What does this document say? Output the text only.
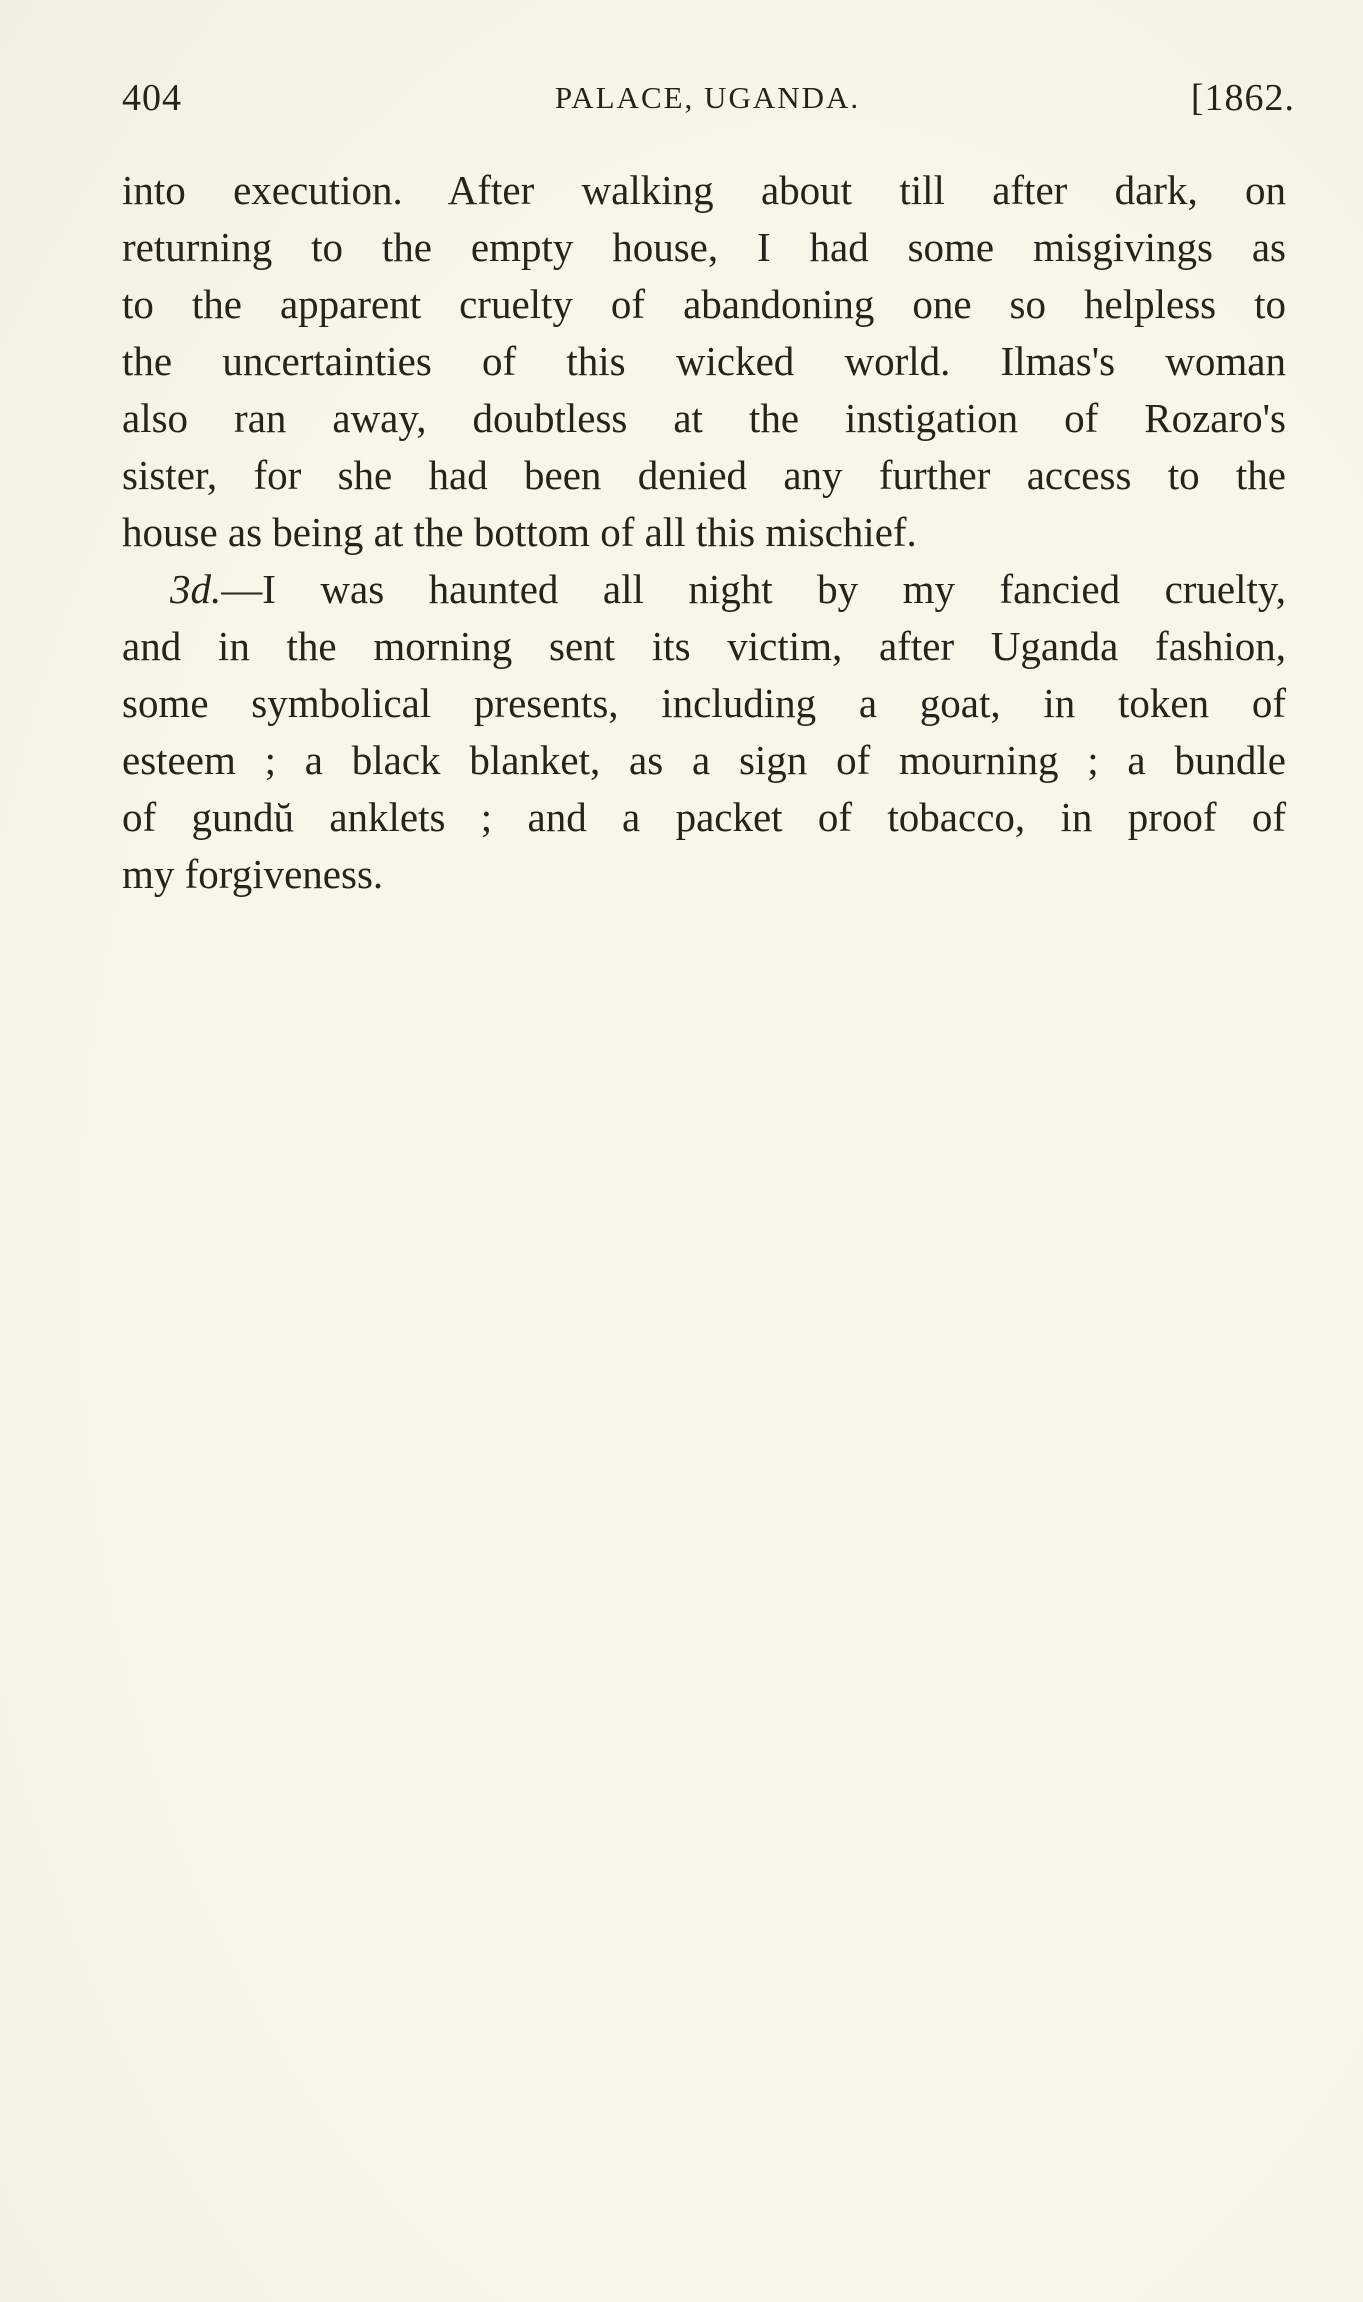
404	PALACE, UGANDA.	[1862.
into execution. After walking about till after dark, on
returning to the empty house, I had some misgivings as
to the apparent cruelty of abandoning one so helpless to
the uncertainties of this wicked world. Ilmas's woman
also ran away, doubtless at the instigation of Rozaro's
sister, for she had been denied any further access to the
house as being at the bottom of all this mischief.
3d.—I was haunted all night by my fancied cruelty,
and in the morning sent its victim, after Uganda fashion,
some symbolical presents, including a goat, in token of
esteem ; a black blanket, as a sign of mourning ; a bundle
of gundŭ anklets ; and a packet of tobacco, in proof of
my forgiveness.
